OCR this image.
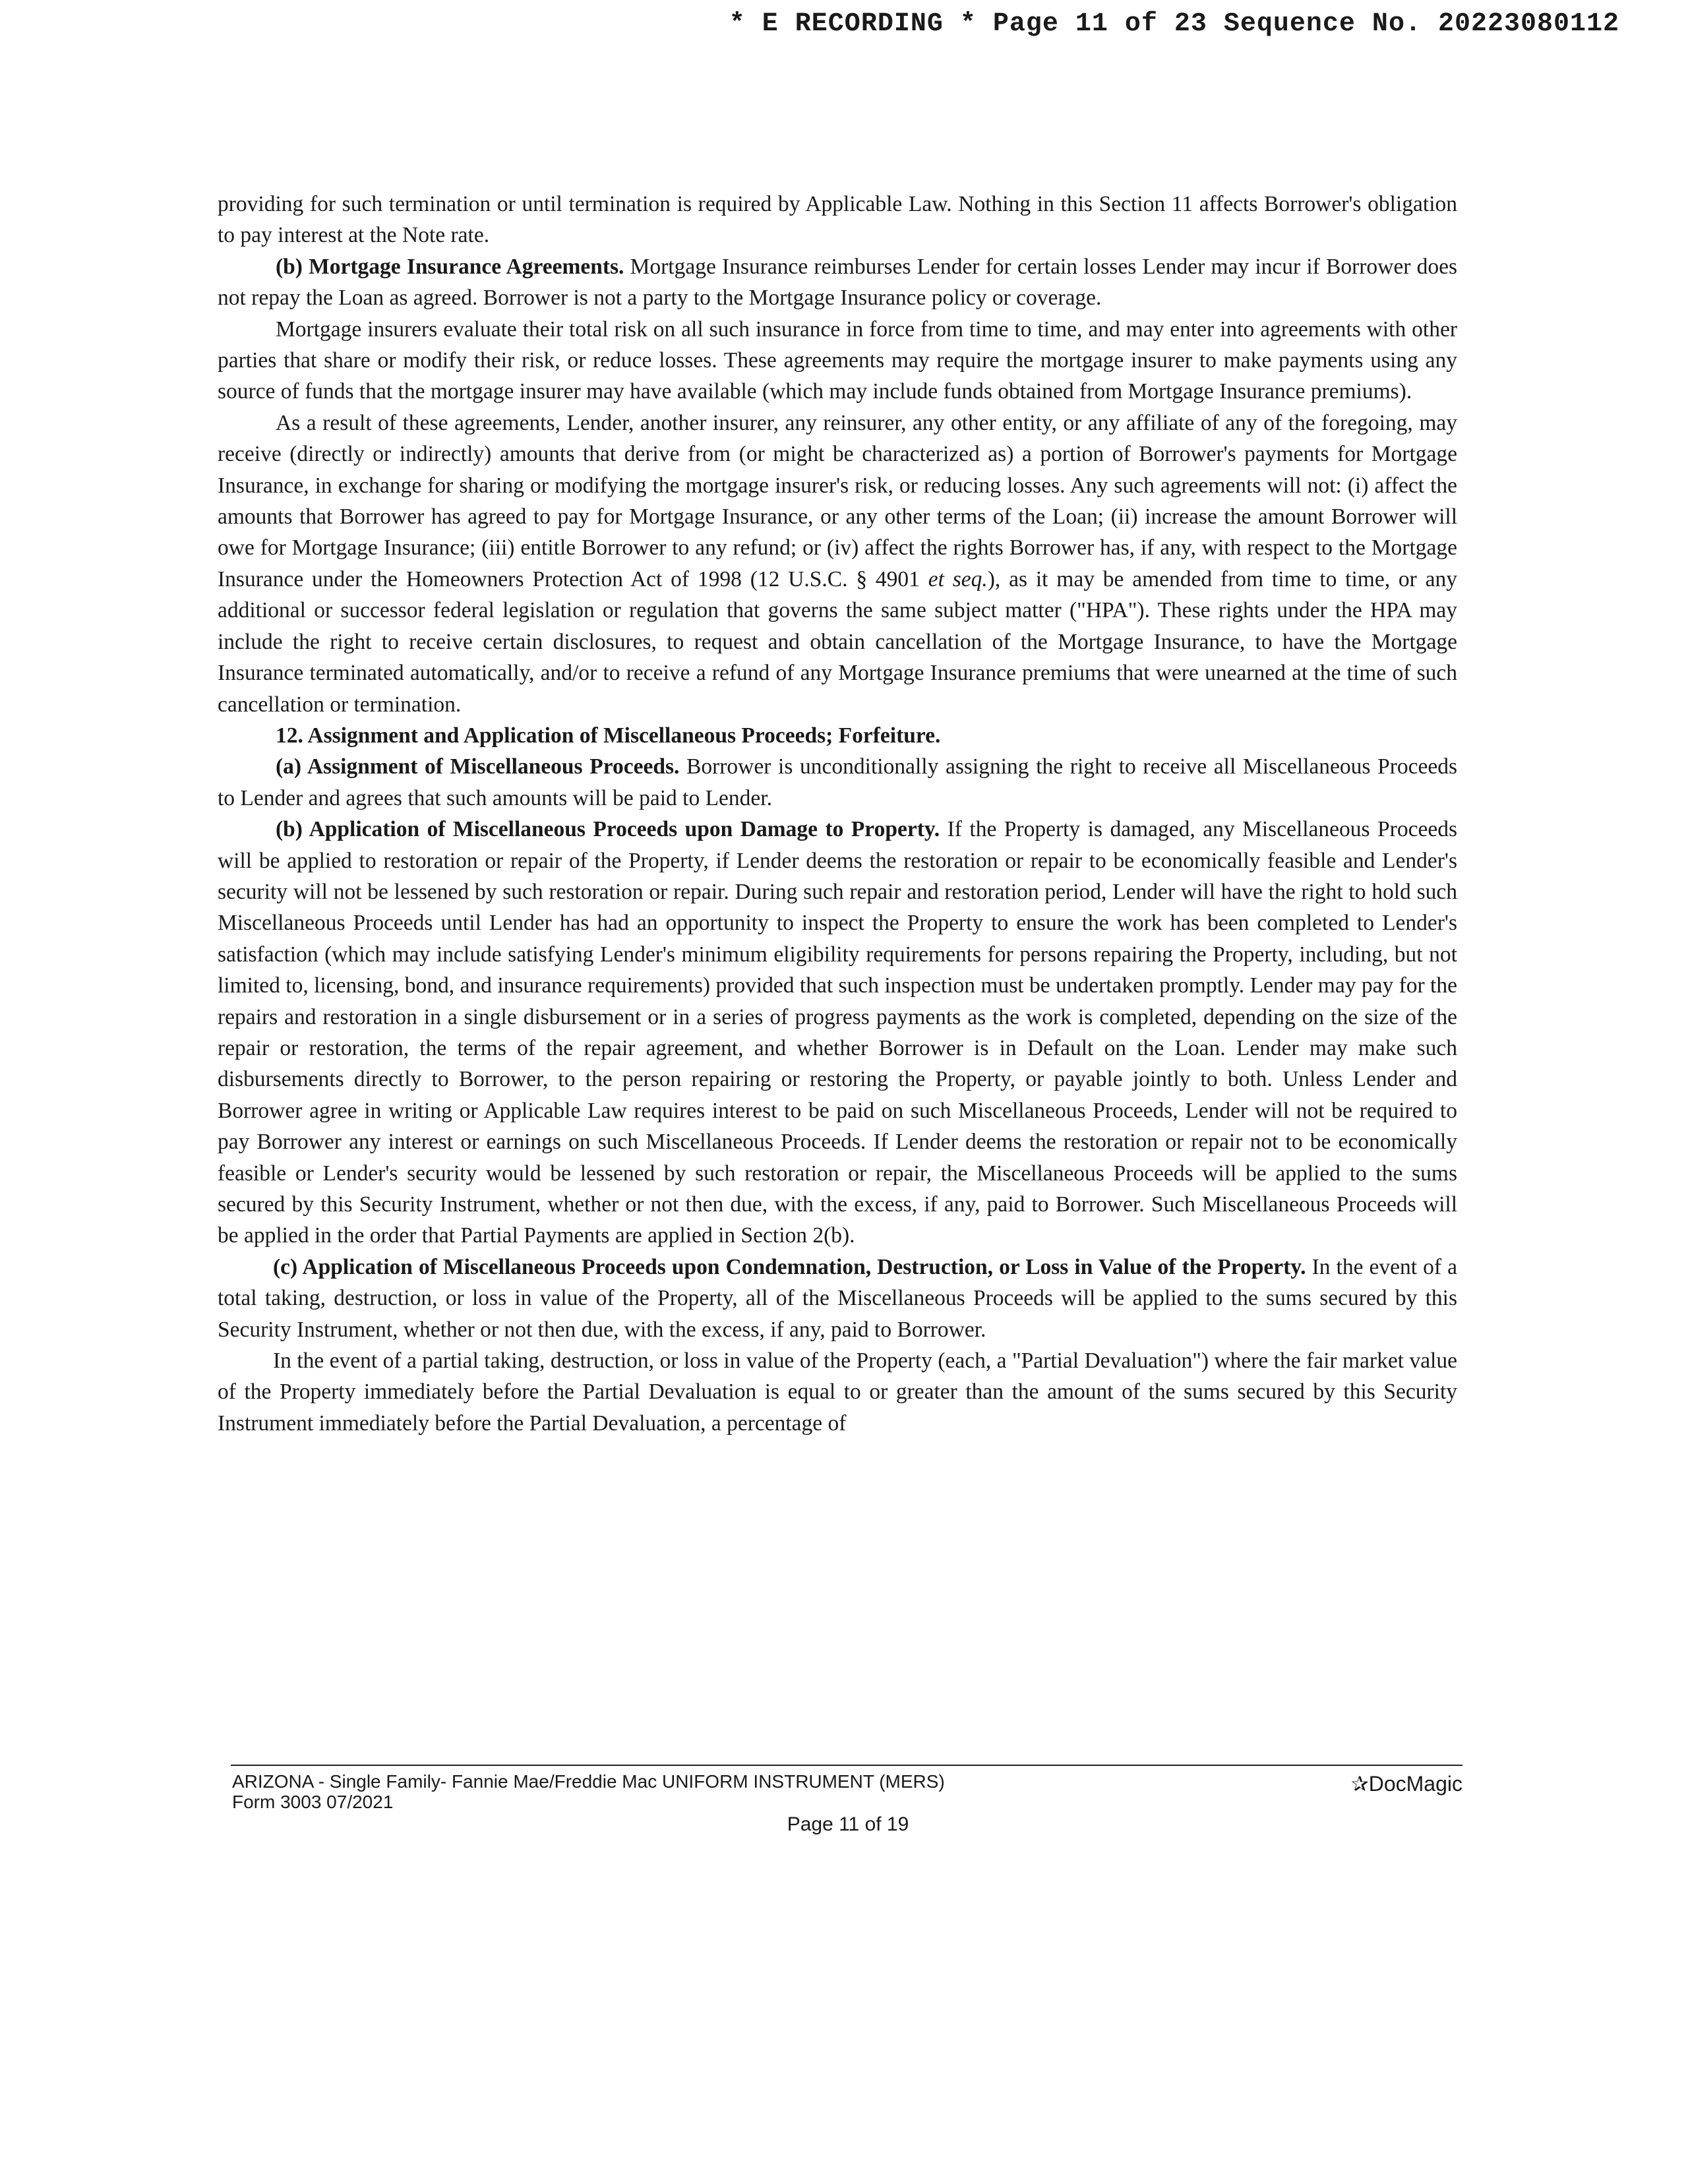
* E RECORDING * Page 11 of 23 Sequence No. 20223080112

providing for such termination or until termination is required by Applicable Law. Nothing in this Section 11 affects Borrower's obligation to pay interest at the Note rate.

(b) Mortgage Insurance Agreements. Mortgage Insurance reimburses Lender for certain losses Lender may incur if Borrower does not repay the Loan as agreed. Borrower is not a party to the Mortgage Insurance policy or coverage.

Mortgage insurers evaluate their total risk on all such insurance in force from time to time, and may enter into agreements with other parties that share or modify their risk, or reduce losses. These agreements may require the mortgage insurer to make payments using any source of funds that the mortgage insurer may have available (which may include funds obtained from Mortgage Insurance premiums).

As a result of these agreements, Lender, another insurer, any reinsurer, any other entity, or any affiliate of any of the foregoing, may receive (directly or indirectly) amounts that derive from (or might be characterized as) a portion of Borrower's payments for Mortgage Insurance, in exchange for sharing or modifying the mortgage insurer's risk, or reducing losses. Any such agreements will not: (i) affect the amounts that Borrower has agreed to pay for Mortgage Insurance, or any other terms of the Loan; (ii) increase the amount Borrower will owe for Mortgage Insurance; (iii) entitle Borrower to any refund; or (iv) affect the rights Borrower has, if any, with respect to the Mortgage Insurance under the Homeowners Protection Act of 1998 (12 U.S.C. § 4901 et seq.), as it may be amended from time to time, or any additional or successor federal legislation or regulation that governs the same subject matter ("HPA"). These rights under the HPA may include the right to receive certain disclosures, to request and obtain cancellation of the Mortgage Insurance, to have the Mortgage Insurance terminated automatically, and/or to receive a refund of any Mortgage Insurance premiums that were unearned at the time of such cancellation or termination.

12. Assignment and Application of Miscellaneous Proceeds; Forfeiture.

(a) Assignment of Miscellaneous Proceeds. Borrower is unconditionally assigning the right to receive all Miscellaneous Proceeds to Lender and agrees that such amounts will be paid to Lender.

(b) Application of Miscellaneous Proceeds upon Damage to Property. If the Property is damaged, any Miscellaneous Proceeds will be applied to restoration or repair of the Property, if Lender deems the restoration or repair to be economically feasible and Lender's security will not be lessened by such restoration or repair. During such repair and restoration period, Lender will have the right to hold such Miscellaneous Proceeds until Lender has had an opportunity to inspect the Property to ensure the work has been completed to Lender's satisfaction (which may include satisfying Lender's minimum eligibility requirements for persons repairing the Property, including, but not limited to, licensing, bond, and insurance requirements) provided that such inspection must be undertaken promptly. Lender may pay for the repairs and restoration in a single disbursement or in a series of progress payments as the work is completed, depending on the size of the repair or restoration, the terms of the repair agreement, and whether Borrower is in Default on the Loan. Lender may make such disbursements directly to Borrower, to the person repairing or restoring the Property, or payable jointly to both. Unless Lender and Borrower agree in writing or Applicable Law requires interest to be paid on such Miscellaneous Proceeds, Lender will not be required to pay Borrower any interest or earnings on such Miscellaneous Proceeds. If Lender deems the restoration or repair not to be economically feasible or Lender's security would be lessened by such restoration or repair, the Miscellaneous Proceeds will be applied to the sums secured by this Security Instrument, whether or not then due, with the excess, if any, paid to Borrower. Such Miscellaneous Proceeds will be applied in the order that Partial Payments are applied in Section 2(b).

(c) Application of Miscellaneous Proceeds upon Condemnation, Destruction, or Loss in Value of the Property. In the event of a total taking, destruction, or loss in value of the Property, all of the Miscellaneous Proceeds will be applied to the sums secured by this Security Instrument, whether or not then due, with the excess, if any, paid to Borrower.

In the event of a partial taking, destruction, or loss in value of the Property (each, a "Partial Devaluation") where the fair market value of the Property immediately before the Partial Devaluation is equal to or greater than the amount of the sums secured by this Security Instrument immediately before the Partial Devaluation, a percentage of

ARIZONA - Single Family- Fannie Mae/Freddie Mac UNIFORM INSTRUMENT (MERS)
Form 3003 07/2021
✰DocMagic
Page 11 of 19
